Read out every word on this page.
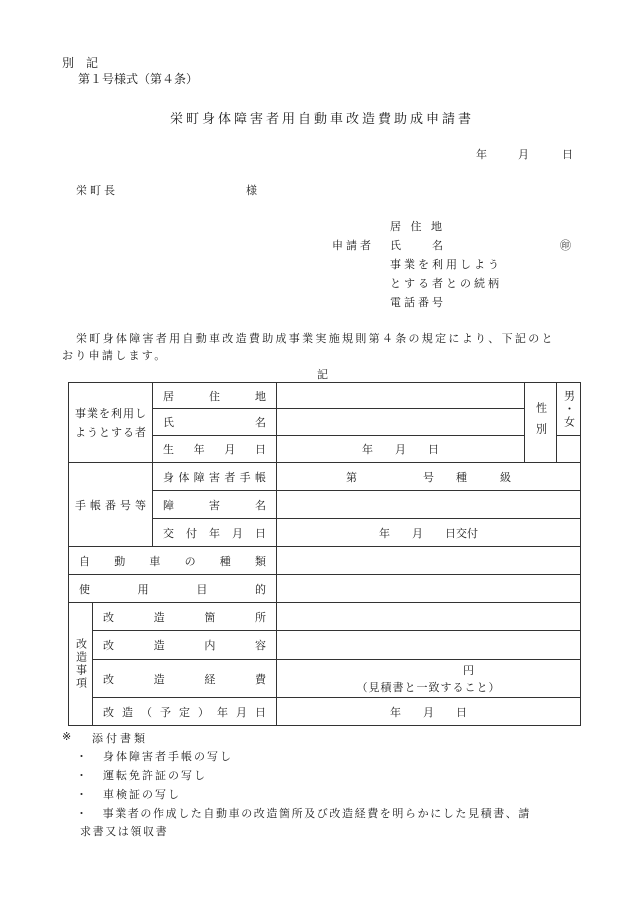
別　記
第１号様式（第４条）
栄町身体障害者用自動車改造費助成申請書
年	月	日
栄町長	様
申請者
居 住 地
氏　　名	㊞
事業を利用しよう
とする者との続柄
電話番号
栄町身体障害者用自動車改造費助成事業実施規則第４条の規定により、下記のと
おり申請します。
記
事業を利用しようとする者		居住地		性別	男・女

		氏名			
		生年月日	年　　月　　日		
手帳番号等		身体障害者手帳	第　　　　　　号　　種　　　級		
		障害名			
		交付年月日	年　　月　　日交付		
自動車の種類					
使用目的					

改造事項	改造箇所				
	改造内容				
	改造経費		円
（見積書と一致すること）		

	改造（予定）年月日		年　　月　　日		
※ 添付書類
・ 身体障害者手帳の写し
・ 運転免許証の写し
・ 車検証の写し
・ 事業者の作成した自動車の改造箇所及び改造経費を明らかにした見積書、請
求書又は領収書
